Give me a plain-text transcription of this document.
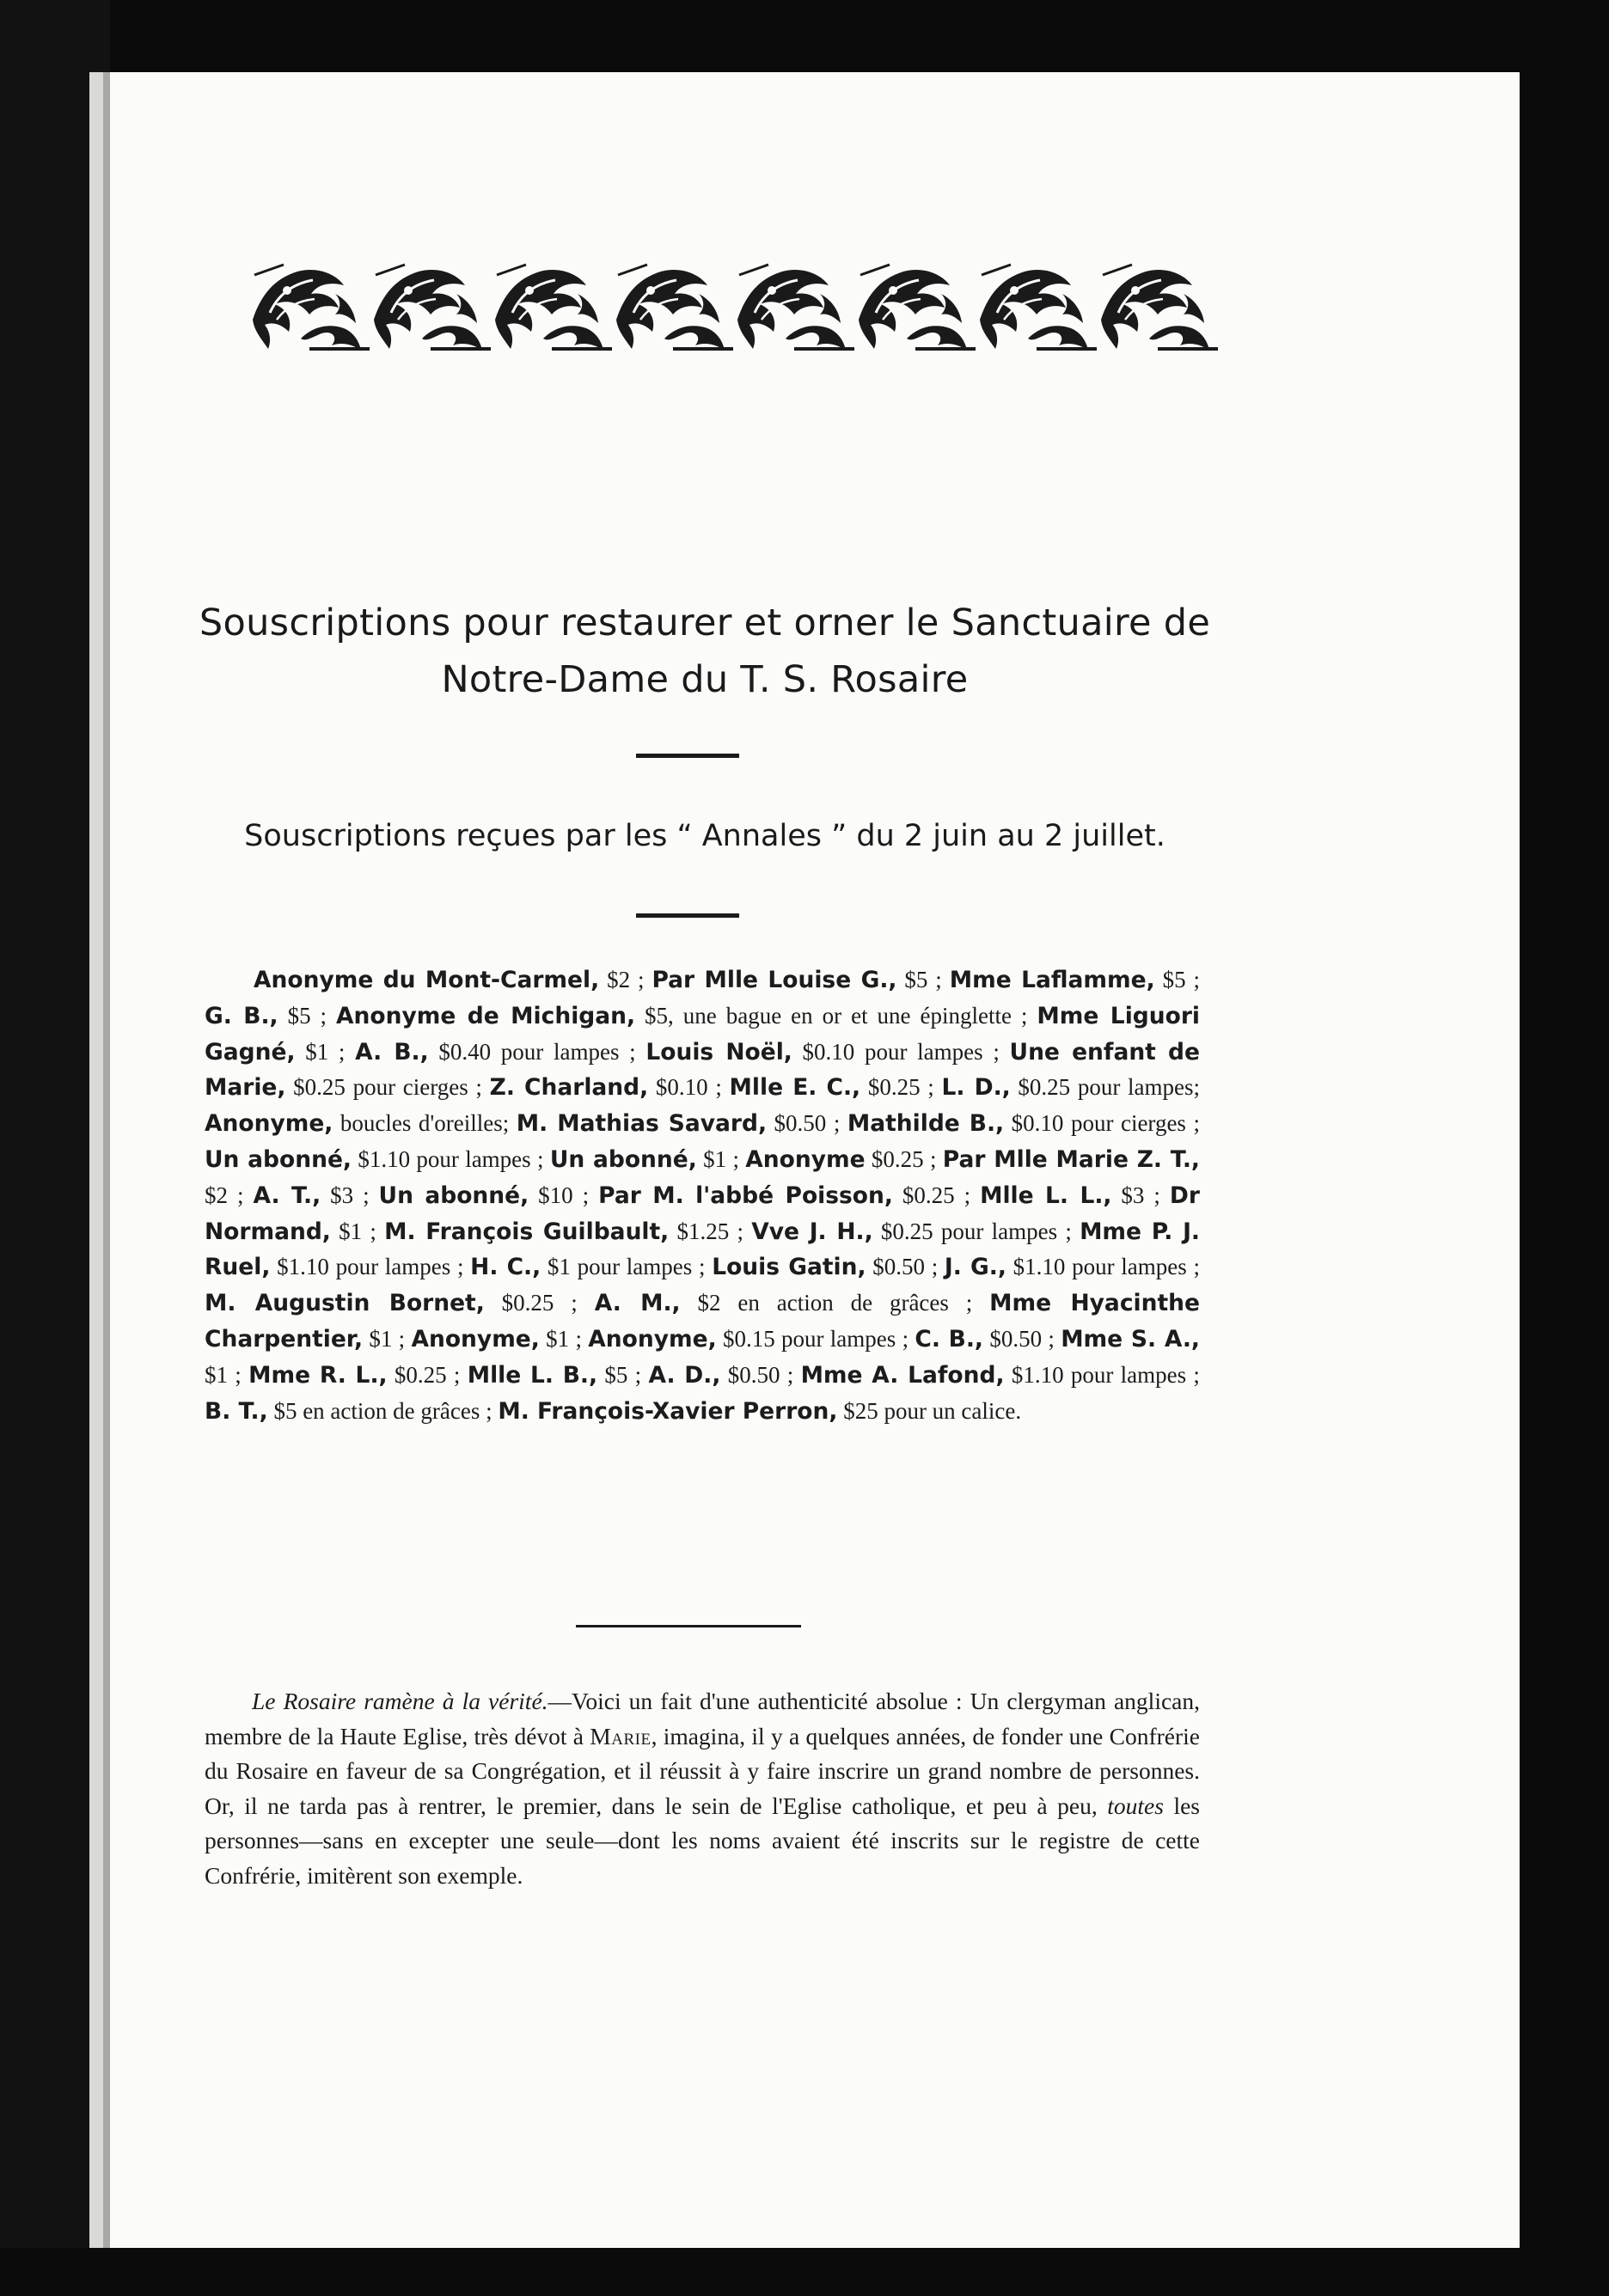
Souscriptions pour restaurer et orner le Sanctuaire de
Notre-Dame du T. S. Rosaire
Souscriptions reçues par les “ Annales ” du 2 juin au 2 juillet.
  Anonyme du Mont-Carmel, $2 ; Par Mlle Louise G., $5 ; Mme Laflamme, $5 ; G. B., $5 ; Anonyme de Michigan, $5, une bague en or et une épinglette ; Mme Liguori Gagné, $1 ; A. B., $0.40 pour lampes ; Louis Noël, $0.10 pour lampes ; Une enfant de Marie, $0.25 pour cierges ; Z. Charland, $0.10 ; Mlle E. C., $0.25 ; L. D., $0.25 pour lampes; Anonyme, boucles d'oreilles; M. Mathias Savard, $0.50 ; Mathilde B., $0.10 pour cierges ; Un abonné, $1.10 pour lampes ; Un abonné, $1 ; Anonyme $0.25 ; Par Mlle Marie Z. T., $2 ; A. T., $3 ; Un abonné, $10 ; Par M. l'abbé Poisson, $0.25 ; Mlle L. L., $3 ; Dr Normand, $1 ; M. François Guilbault, $1.25 ; Vve J. H., $0.25 pour lampes ; Mme P. J. Ruel, $1.10 pour lampes ; H. C., $1 pour lampes ; Louis Gatin, $0.50 ; J. G., $1.10 pour lampes ; M. Augustin Bornet, $0.25 ; A. M., $2 en action de grâces ; Mme Hyacinthe Charpentier, $1 ; Anonyme, $1 ; Anonyme, $0.15 pour lampes ; C. B., $0.50 ; Mme S. A., $1 ; Mme R. L., $0.25 ; Mlle L. B., $5 ; A. D., $0.50 ; Mme A. Lafond, $1.10 pour lampes ; B. T., $5 en action de grâces ; M. François-Xavier Perron, $25 pour un calice.
  Le Rosaire ramène à la vérité.—Voici un fait d'une authenticité absolue : Un clergyman anglican, membre de la Haute Eglise, très dévot à Marie, imagina, il y a quelques années, de fonder une Confrérie du Rosaire en faveur de sa Congrégation, et il réussit à y faire inscrire un grand nombre de personnes. Or, il ne tarda pas à rentrer, le premier, dans le sein de l'Eglise catholique, et peu à peu, toutes les personnes—sans en excepter une seule—dont les noms avaient été inscrits sur le registre de cette Confrérie, imitèrent son exemple.
